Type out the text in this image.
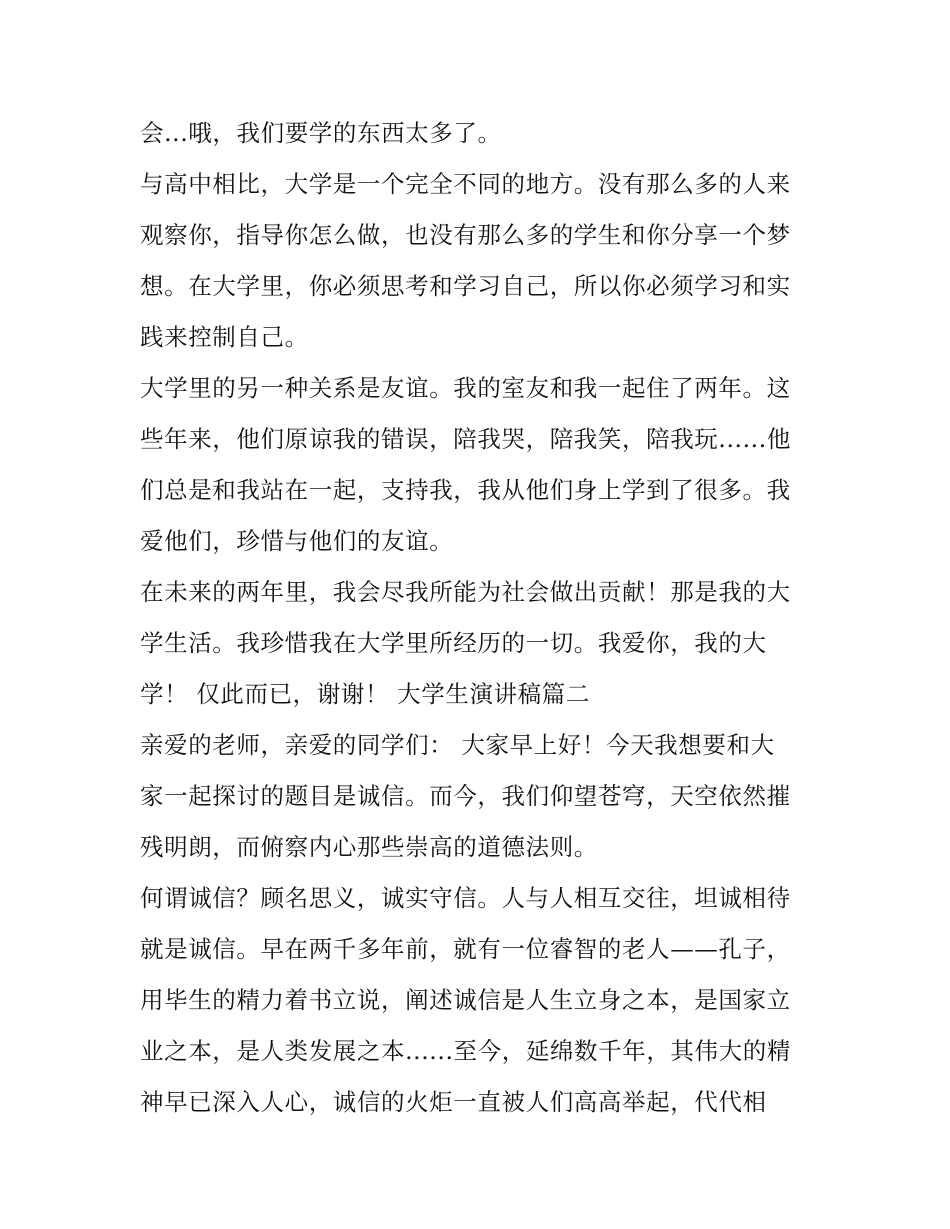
会...哦，我们要学的东西太多了。
与高中相比，大学是一个完全不同的地方。没有那么多的人来
观察你，指导你怎么做，也没有那么多的学生和你分享一个梦
想。在大学里，你必须思考和学习自己，所以你必须学习和实
践来控制自己。
大学里的另一种关系是友谊。我的室友和我一起住了两年。这
些年来，他们原谅我的错误，陪我哭，陪我笑，陪我玩......他
们总是和我站在一起，支持我，我从他们身上学到了很多。我
爱他们，珍惜与他们的友谊。
在未来的两年里，我会尽我所能为社会做出贡献！那是我的大
学生活。我珍惜我在大学里所经历的一切。我爱你，我的大
学！ 仅此而已，谢谢！ 大学生演讲稿篇二
亲爱的老师，亲爱的同学们： 大家早上好！今天我想要和大
家一起探讨的题目是诚信。而今，我们仰望苍穹，天空依然摧
残明朗，而俯察内心那些崇高的道德法则。
何谓诚信？顾名思义，诚实守信。人与人相互交往，坦诚相待
就是诚信。早在两千多年前，就有一位睿智的老人——孔子，
用毕生的精力着书立说，阐述诚信是人生立身之本，是国家立
业之本，是人类发展之本......至今，延绵数千年，其伟大的精
神早已深入人心，诚信的火炬一直被人们高高举起，代代相
